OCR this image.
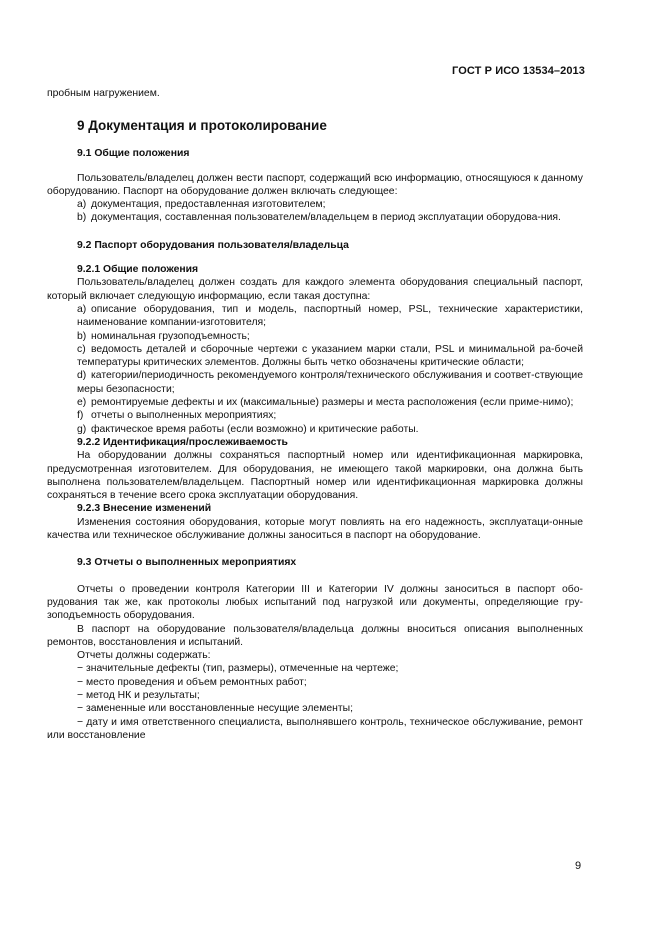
ГОСТ Р ИСО 13534–2013

пробным нагружением.

9 Документация и протоколирование
9.1 Общие положения

Пользователь/владелец должен вести паспорт, содержащий всю информацию, относящуюся к данному оборудованию. Паспорт на оборудование должен включать следующее:

a) документация, предоставленная изготовителем;

b) документация, составленная пользователем/владельцем в период эксплуатации оборудова-ния.

9.2 Паспорт оборудования пользователя/владельца
9.2.1 Общие положения

Пользователь/владелец должен создать для каждого элемента оборудования специальный паспорт, который включает следующую информацию, если такая доступна:

a) описание оборудования, тип и модель, паспортный номер, PSL, технические характеристики, наименование компании-изготовителя;

b) номинальная грузоподъемность;

c) ведомость деталей и сборочные чертежи с указанием марки стали, PSL и минимальной ра-бочей температуры критических элементов. Должны быть четко обозначены критические области;

d) категории/периодичность рекомендуемого контроля/технического обслуживания и соответ-ствующие меры безопасности;

e) ремонтируемые дефекты и их (максимальные) размеры и места расположения (если приме-нимо);

f) отчеты о выполненных мероприятиях;

g) фактическое время работы (если возможно) и критические работы.

9.2.2 Идентификация/прослеживаемость

На оборудовании должны сохраняться паспортный номер или идентификационная маркировка, предусмотренная изготовителем. Для оборудования, не имеющего такой маркировки, она должна быть выполнена пользователем/владельцем. Паспортный номер или идентификационная маркировка должны сохраняться в течение всего срока эксплуатации оборудования.

9.2.3 Внесение изменений

Изменения состояния оборудования, которые могут повлиять на его надежность, эксплуатаци-онные качества или техническое обслуживание должны заноситься в паспорт на оборудование.

9.3 Отчеты о выполненных мероприятиях

Отчеты о проведении контроля Категории III и Категории IV должны заноситься в паспорт обо-рудования так же, как протоколы любых испытаний под нагрузкой или документы, определяющие гру-зоподъемность оборудования.

В паспорт на оборудование пользователя/владельца должны вноситься описания выполненных ремонтов, восстановления и испытаний.

Отчеты должны содержать:

− значительные дефекты (тип, размеры), отмеченные на чертеже;

− место проведения и объем ремонтных работ;

− метод НК и результаты;

− замененные или восстановленные несущие элементы;

− дату и имя ответственного специалиста, выполнявшего контроль, техническое обслуживание, ремонт или восстановление

9
